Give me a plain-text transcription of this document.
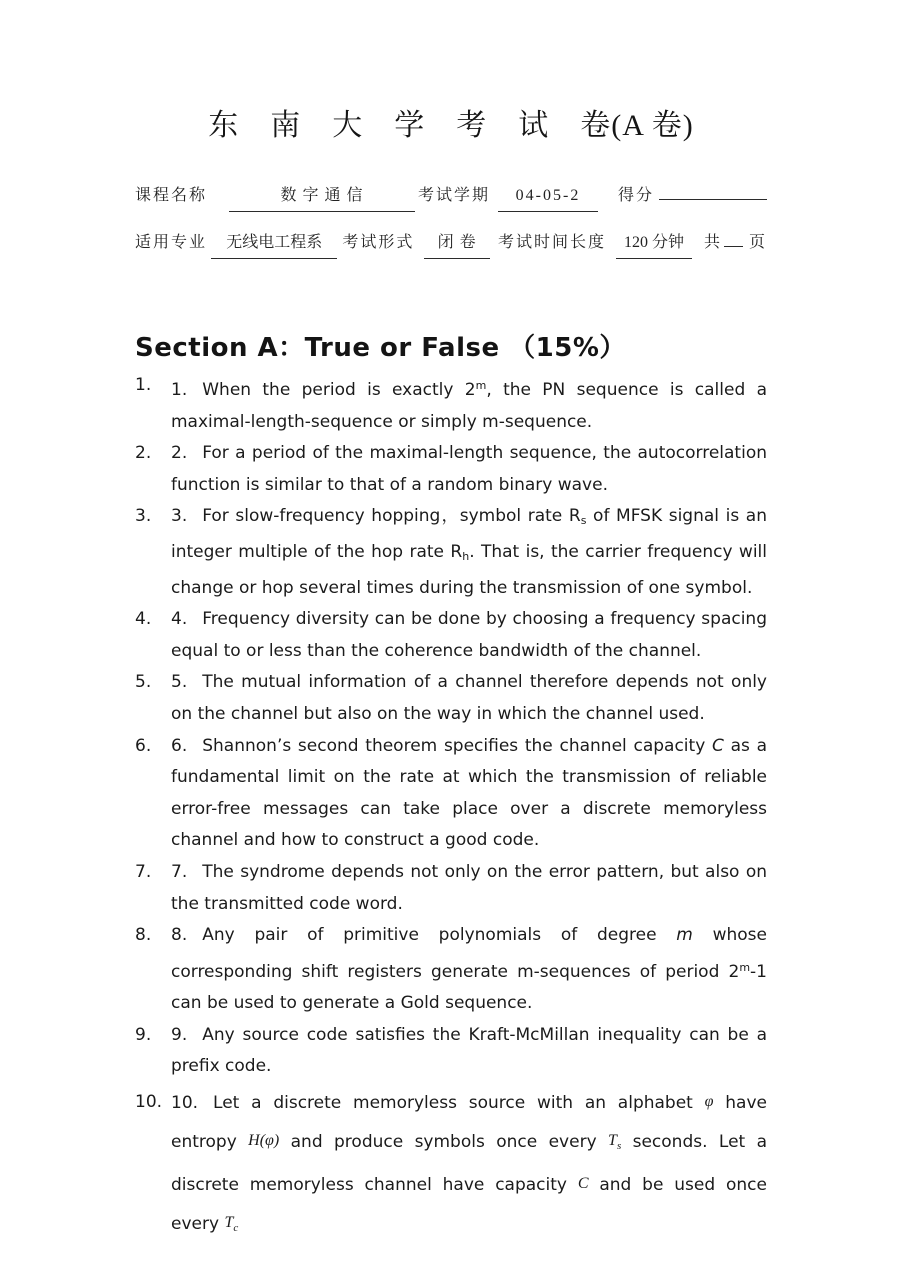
东　南　大　学　考　试　卷(A 卷)
课程名称	数 字 通 信	考试学期	04-05-2	得分
适用专业	无线电工程系	考试形式	闭 卷	考试时间长度	120 分钟	共 页
Section A：True or False （15%）
1.	1. When the period is exactly 2$^m$, the PN sequence is called a maximal-length-sequence or simply m-sequence.
2.	2. For a period of the maximal-length sequence, the autocorrelation function is similar to that of a random binary wave.
3.	3. For slow-frequency hopping，symbol rate Rs of MFSK signal is an integer multiple of the hop rate Rh. That is, the carrier frequency will change or hop several times during the transmission of one symbol.
4.	4. Frequency diversity can be done by choosing a frequency spacing equal to or less than the coherence bandwidth of the channel.
5.	5. The mutual information of a channel therefore depends not only on the channel but also on the way in which the channel used.
6.	6. Shannon’s second theorem specifies the channel capacity C as a fundamental limit on the rate at which the transmission of reliable error-free messages can take place over a discrete memoryless channel and how to construct a good code.
7.	7. The syndrome depends not only on the error pattern, but also on the transmitted code word.
8.	8. Any pair of primitive polynomials of degree m whose corresponding shift registers generate m-sequences of period 2$^m$-1 can be used to generate a Gold sequence.
9.	9. Any source code satisfies the Kraft-McMillan inequality can be a prefix code.
10. 10. Let a discrete memoryless source with an alphabet φ have entropy H(φ) and produce symbols once every Ts seconds. Let a discrete memoryless channel have capacity C and be used once every Tc
